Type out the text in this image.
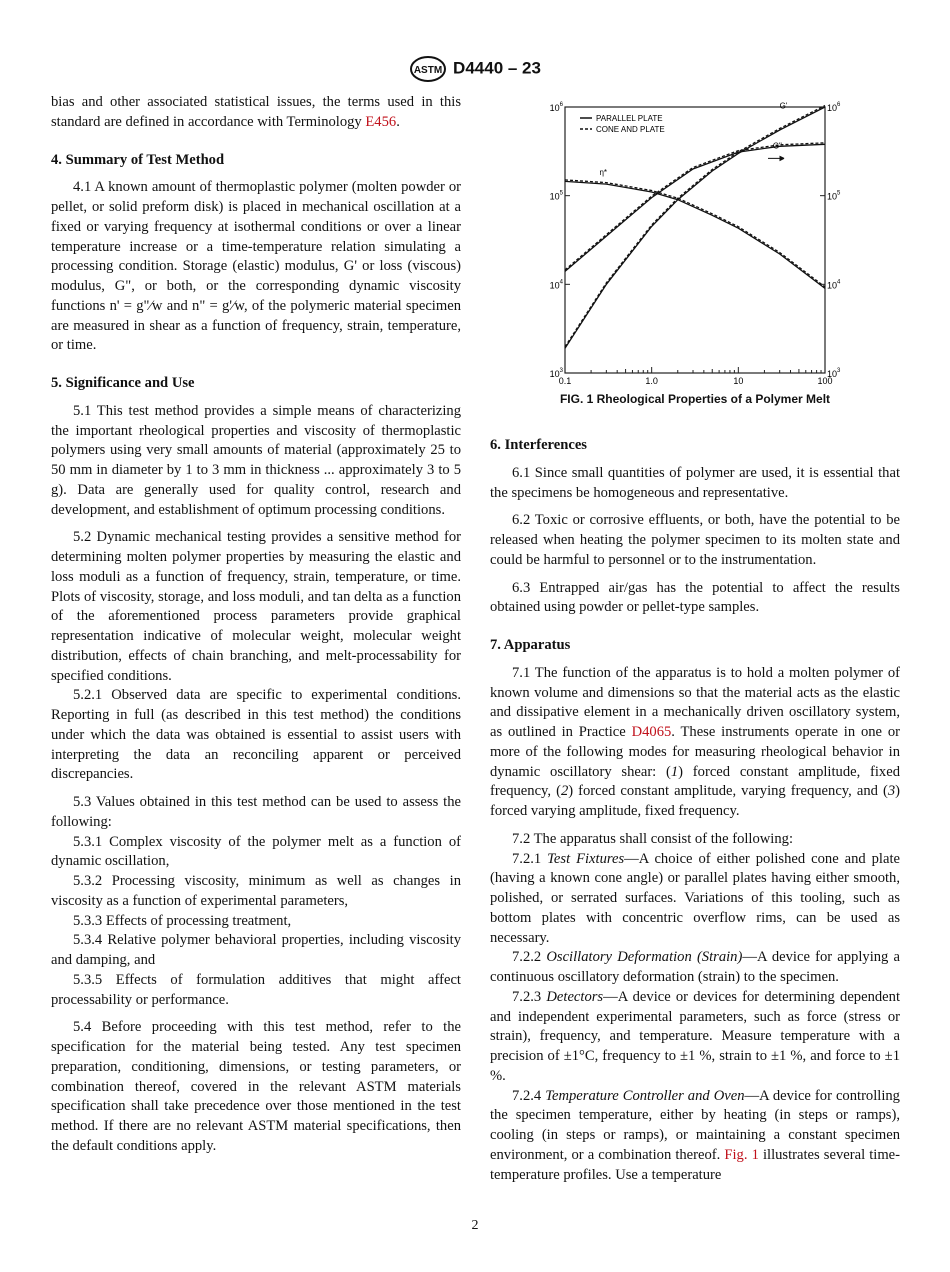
ASTM D4440 – 23

bias and other associated statistical issues, the terms used in this standard are defined in accordance with Terminology E456.

4. Summary of Test Method

4.1 A known amount of thermoplastic polymer (molten powder or pellet, or solid preform disk) is placed in mechanical oscillation at a fixed or varying frequency at isothermal conditions or over a linear temperature increase or a time-temperature relation simulating a processing condition. Storage (elastic) modulus, G' or loss (viscous) modulus, G", or both, or the corresponding dynamic viscosity functions n' = g"⁄w and n" = g'⁄w, of the polymeric material specimen are measured in shear as a function of frequency, strain, temperature, or time.

5. Significance and Use

5.1 This test method provides a simple means of characterizing the important rheological properties and viscosity of thermoplastic polymers using very small amounts of material (approximately 25 to 50 mm in diameter by 1 to 3 mm in thickness ... approximately 3 to 5 g). Data are generally used for quality control, research and development, and establishment of optimum processing conditions.

5.2 Dynamic mechanical testing provides a sensitive method for determining molten polymer properties by measuring the elastic and loss moduli as a function of frequency, strain, temperature, or time. Plots of viscosity, storage, and loss moduli, and tan delta as a function of the aforementioned process parameters provide graphical representation indicative of molecular weight, molecular weight distribution, effects of chain branching, and melt-processability for specified conditions.

5.2.1 Observed data are specific to experimental conditions. Reporting in full (as described in this test method) the conditions under which the data was obtained is essential to assist users with interpreting the data an reconciling apparent or perceived discrepancies.

5.3 Values obtained in this test method can be used to assess the following:

5.3.1 Complex viscosity of the polymer melt as a function of dynamic oscillation,

5.3.2 Processing viscosity, minimum as well as changes in viscosity as a function of experimental parameters,

5.3.3 Effects of processing treatment,

5.3.4 Relative polymer behavioral properties, including viscosity and damping, and

5.3.5 Effects of formulation additives that might affect processability or performance.

5.4 Before proceeding with this test method, refer to the specification for the material being tested. Any test specimen preparation, conditioning, dimensions, or testing parameters, or combination thereof, covered in the relevant ASTM materials specification shall take precedence over those mentioned in the test method. If there are no relevant ASTM material specifications, then the default conditions apply.

0.1	1.0	10	100
$10^3$	$10^3$
$10^4$	$10^4$
$10^5$	$10^5$
$10^6$	$10^6$
G'
G"
η*
PARALLEL PLATE
CONE AND PLATE
FIG. 1 Rheological Properties of a Polymer Melt
6. Interferences

6.1 Since small quantities of polymer are used, it is essential that the specimens be homogeneous and representative.

6.2 Toxic or corrosive effluents, or both, have the potential to be released when heating the polymer specimen to its molten state and could be harmful to personnel or to the instrumentation.

6.3 Entrapped air/gas has the potential to affect the results obtained using powder or pellet-type samples.

7. Apparatus

7.1 The function of the apparatus is to hold a molten polymer of known volume and dimensions so that the material acts as the elastic and dissipative element in a mechanically driven oscillatory system, as outlined in Practice D4065. These instruments operate in one or more of the following modes for measuring rheological behavior in dynamic oscillatory shear: (1) forced constant amplitude, fixed frequency, (2) forced constant amplitude, varying frequency, and (3) forced varying amplitude, fixed frequency.

7.2 The apparatus shall consist of the following:

7.2.1 Test Fixtures—A choice of either polished cone and plate (having a known cone angle) or parallel plates having either smooth, polished, or serrated surfaces. Variations of this tooling, such as bottom plates with concentric overflow rims, can be used as necessary.

7.2.2 Oscillatory Deformation (Strain)—A device for applying a continuous oscillatory deformation (strain) to the specimen.

7.2.3 Detectors—A device or devices for determining dependent and independent experimental parameters, such as force (stress or strain), frequency, and temperature. Measure temperature with a precision of ±1°C, frequency to ±1 %, strain to ±1 %, and force to ±1 %.

7.2.4 Temperature Controller and Oven—A device for controlling the specimen temperature, either by heating (in steps or ramps), cooling (in steps or ramps), or maintaining a constant specimen environment, or a combination thereof. Fig. 1 illustrates several time-temperature profiles. Use a temperature

2
